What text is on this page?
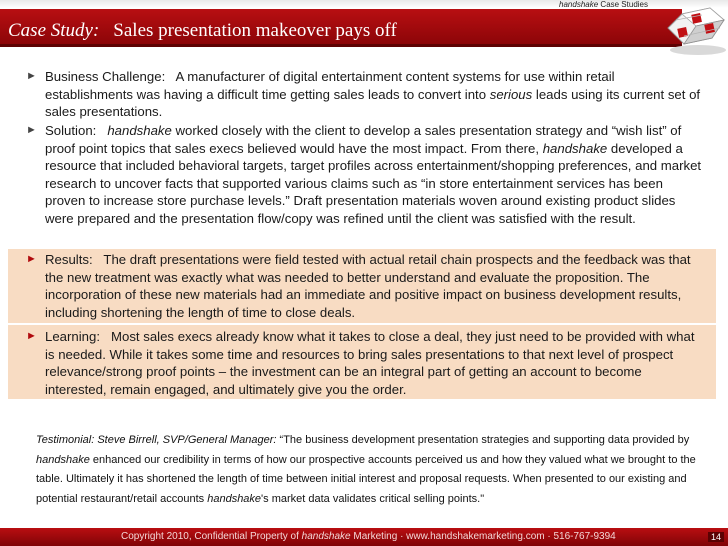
handshake Case Studies
Case Study: Sales presentation makeover pays off
► Business Challenge: A manufacturer of digital entertainment content systems for use within retail establishments was having a difficult time getting sales leads to convert into serious leads using its current set of sales presentations.
► Solution: handshake worked closely with the client to develop a sales presentation strategy and “wish list” of proof point topics that sales execs believed would have the most impact. From there, handshake developed a resource that included behavioral targets, target profiles across entertainment/shopping preferences, and market research to uncover facts that supported various claims such as “in store entertainment services has been proven to increase store purchase levels.” Draft presentation materials woven around existing product slides were prepared and the presentation flow/copy was refined until the client was satisfied with the result.
► Results: The draft presentations were field tested with actual retail chain prospects and the feedback was that the new treatment was exactly what was needed to better understand and evaluate the proposition. The incorporation of these new materials had an immediate and positive impact on business development results, including shortening the length of time to close deals.
► Learning: Most sales execs already know what it takes to close a deal, they just need to be provided with what is needed. While it takes some time and resources to bring sales presentations to that next level of prospect relevance/strong proof points – the investment can be an integral part of getting an account to become interested, remain engaged, and ultimately give you the order.
Testimonial: Steve Birrell, SVP/General Manager: “The business development presentation strategies and supporting data provided by handshake enhanced our credibility in terms of how our prospective accounts perceived us and how they valued what we brought to the table. Ultimately it has shortened the length of time between initial interest and proposal requests. When presented to our existing and potential restaurant/retail accounts handshake's market data validates critical selling points."
Copyright 2010, Confidential Property of handshake Marketing · www.handshakemarketing.com · 516-767-9394	14
